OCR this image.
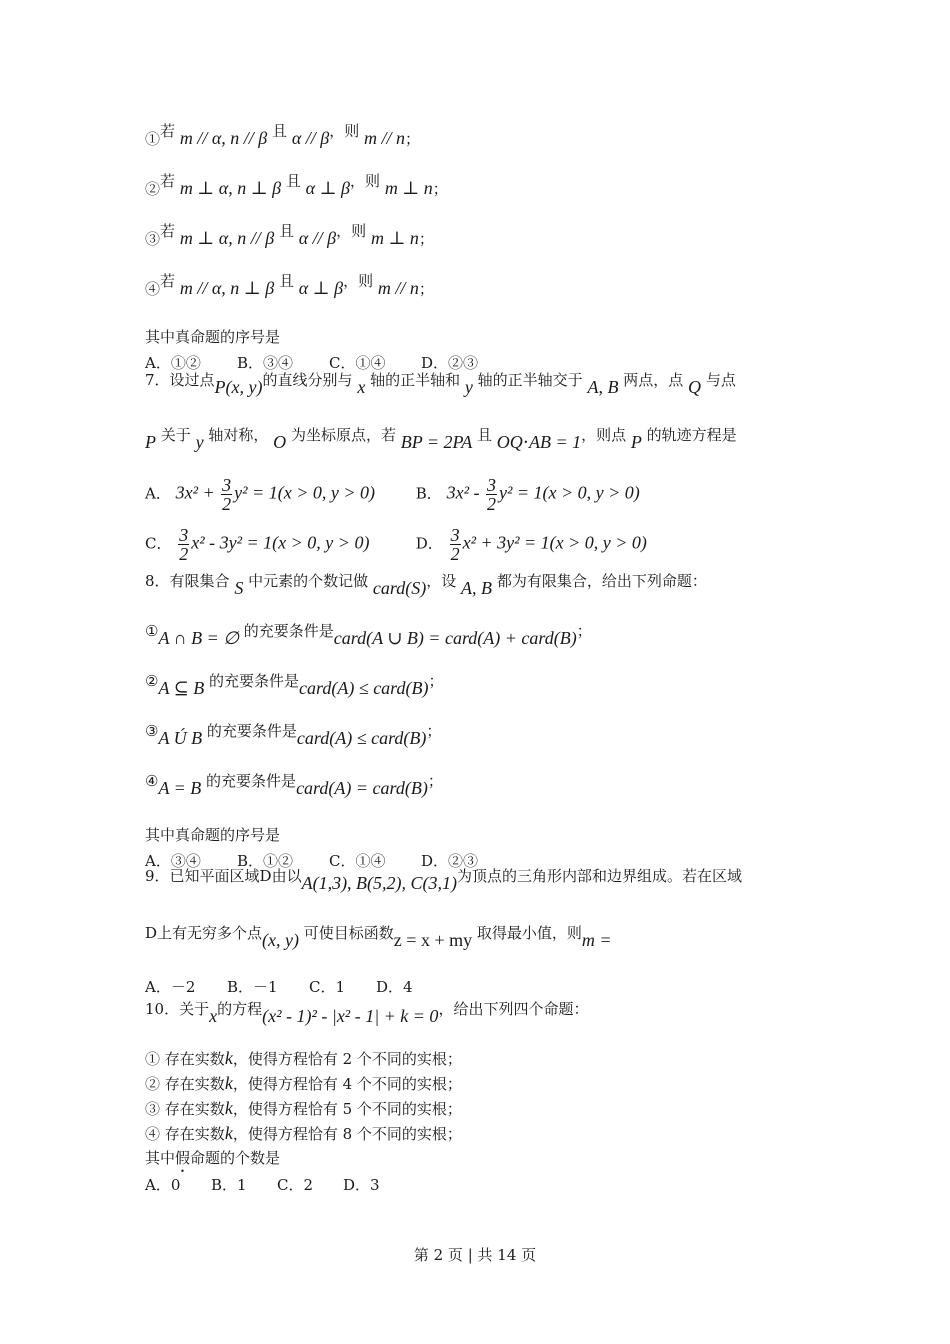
①若 m // α, n // β 且 α // β，则 m // n；
②若 m ⊥ α, n ⊥ β 且 α ⊥ β，则 m ⊥ n；
③若 m ⊥ α, n // β 且 α // β，则 m ⊥ n；
④若 m // α, n ⊥ β 且 α ⊥ β，则 m // n；
其中真命题的序号是
A．①② B．③④ C．①④ D．②③
7．设过点P(x, y)的直线分别与 x 轴的正半轴和 y 轴的正半轴交于 A, B 两点，点 Q 与点
P 关于 y 轴对称， O 为坐标原点，若 BP = 2PA 且 OQ⋅AB = 1，则点 P 的轨迹方程是
A． $3x^2 + \frac{3}{2} y^2 = 1(x > 0$, y > 0)	B． $3x^2 - \frac{3}{2} y^2 = 1(x > 0$, y > 0)
C． $\frac{3}{2} x^2 - 3y^2 = 1(x > 0$, y > 0)	D． $\frac{3}{2} x^2 + 3y^2 = 1(x > 0$, y > 0)
8．有限集合 S 中元素的个数记做 card(S)，设 A, B 都为有限集合，给出下列命题：
①A ∩ B = ∅ 的充要条件是card(A ∪ B) = card(A) + card(B)；
②A ⊆ B 的充要条件是card(A) ≤ card(B)；
③A Ú B 的充要条件是card(A) ≤ card(B)；
④A = B 的充要条件是card(A) = card(B)；
其中真命题的序号是
A．③④ B．①② C．①④ D．②③
9．已知平面区域D由以A(1,3), B(5,2), C(3,1)为顶点的三角形内部和边界组成。若在区域
D上有无穷多个点(x, y) 可使目标函数z = x + my 取得最小值，则m =
A．－2 B．－1 C．1 D．4
10．关于x的方程(x² - 1)² - |x² - 1| + k = 0，给出下列四个命题：
① 存在实数k，使得方程恰有 2 个不同的实根；
② 存在实数k，使得方程恰有 4 个不同的实根；
③ 存在实数k，使得方程恰有 5 个不同的实根；
④ 存在实数k，使得方程恰有 8 个不同的实根；
其中假命题的个数是
A．0 B．1 C．2 D．3
第 2 页 | 共 14 页
